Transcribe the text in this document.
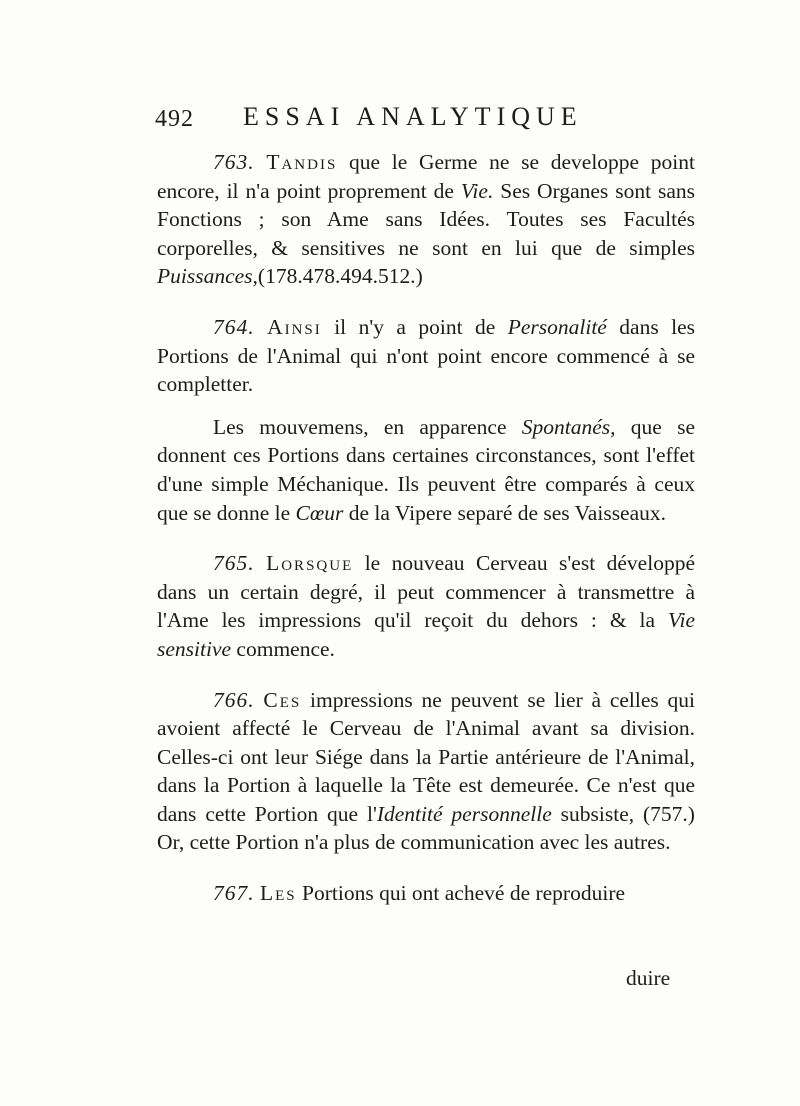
492 ESSAI ANALYTIQUE

763. Tandis que le Germe ne se developpe point encore, il n'a point proprement de Vie. Ses Organes sont sans Fonctions ; son Ame sans Idées. Toutes ses Facultés corporelles, & sensitives ne sont en lui que de simples Puissances,(178.478.494.512.)

764. Ainsi il n'y a point de Personalité dans les Portions de l'Animal qui n'ont point encore commencé à se completter.

Les mouvemens, en apparence Spontanés, que se donnent ces Portions dans certaines circonstances, sont l'effet d'une simple Méchanique. Ils peuvent être comparés à ceux que se donne le Cœur de la Vipere separé de ses Vaisseaux.

765. Lorsque le nouveau Cerveau s'est développé dans un certain degré, il peut commencer à transmettre à l'Ame les impressions qu'il reçoit du dehors : & la Vie sensitive commence.

766. Ces impressions ne peuvent se lier à celles qui avoient affecté le Cerveau de l'Animal avant sa division. Celles-ci ont leur Siége dans la Partie antérieure de l'Animal, dans la Portion à laquelle la Tête est demeurée. Ce n'est que dans cette Portion que l'Identité personnelle subsiste, (757.) Or, cette Portion n'a plus de communication avec les autres.

767. Les Portions qui ont achevé de reproduire

duire
